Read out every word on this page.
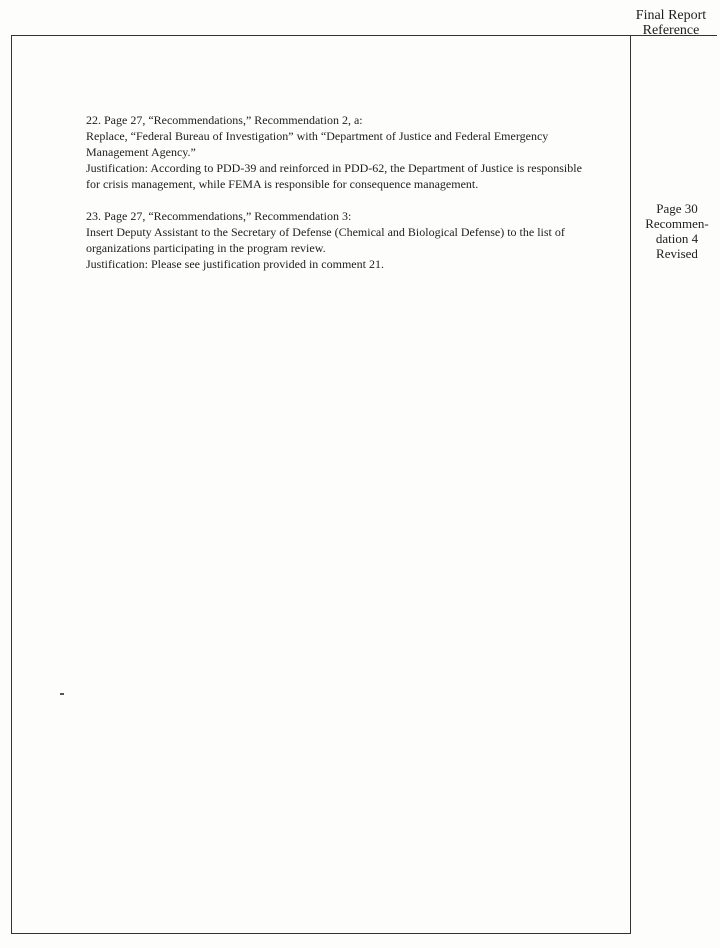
Final Report
Reference

22. Page 27, “Recommendations,” Recommendation 2, a:

Replace, “Federal Bureau of Investigation” with “Department of Justice and Federal Emergency Management Agency.”

Justification: According to PDD-39 and reinforced in PDD-62, the Department of Justice is responsible for crisis management, while FEMA is responsible for consequence management.

23. Page 27, “Recommendations,” Recommendation 3:

Insert Deputy Assistant to the Secretary of Defense (Chemical and Biological Defense) to the list of organizations participating in the program review.

Justification: Please see justification provided in comment 21.

Page 30
Recommen-
dation 4
Revised
